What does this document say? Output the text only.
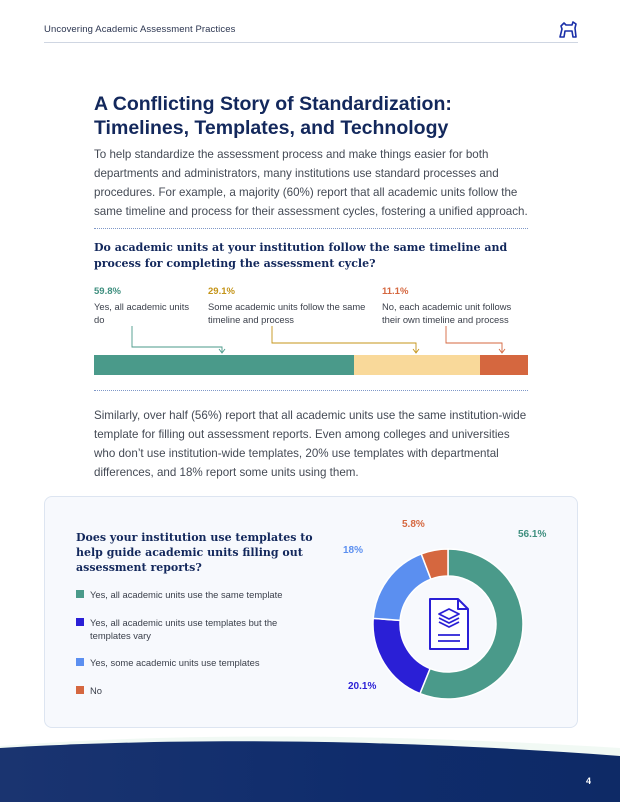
Uncovering Academic Assessment Practices
A Conflicting Story of Standardization: Timelines, Templates, and Technology

To help standardize the assessment process and make things easier for both departments and administrators, many institutions use standard processes and procedures. For example, a majority (60%) report that all academic units follow the same timeline and process for their assessment cycles, fostering a unified approach.

Do academic units at your institution follow the same timeline and process for completing the assessment cycle?

59.8%
Yes, all academic units do
29.1%
Some academic units follow the same timeline and process
11.1%
No, each academic unit follows their own timeline and process

Similarly, over half (56%) report that all academic units use the same institution-wide template for filling out assessment reports. Even among colleges and universities who don’t use institution-wide templates, 20% use templates with departmental differences, and 18% report some units using them.

Does your institution use templates to help guide academic units filling out assessment reports?

Yes, all academic units use the same template
Yes, all academic units use templates but the templates vary
Yes, some academic units use templates
No
56.1%
20.1%
18%
5.8%
4
